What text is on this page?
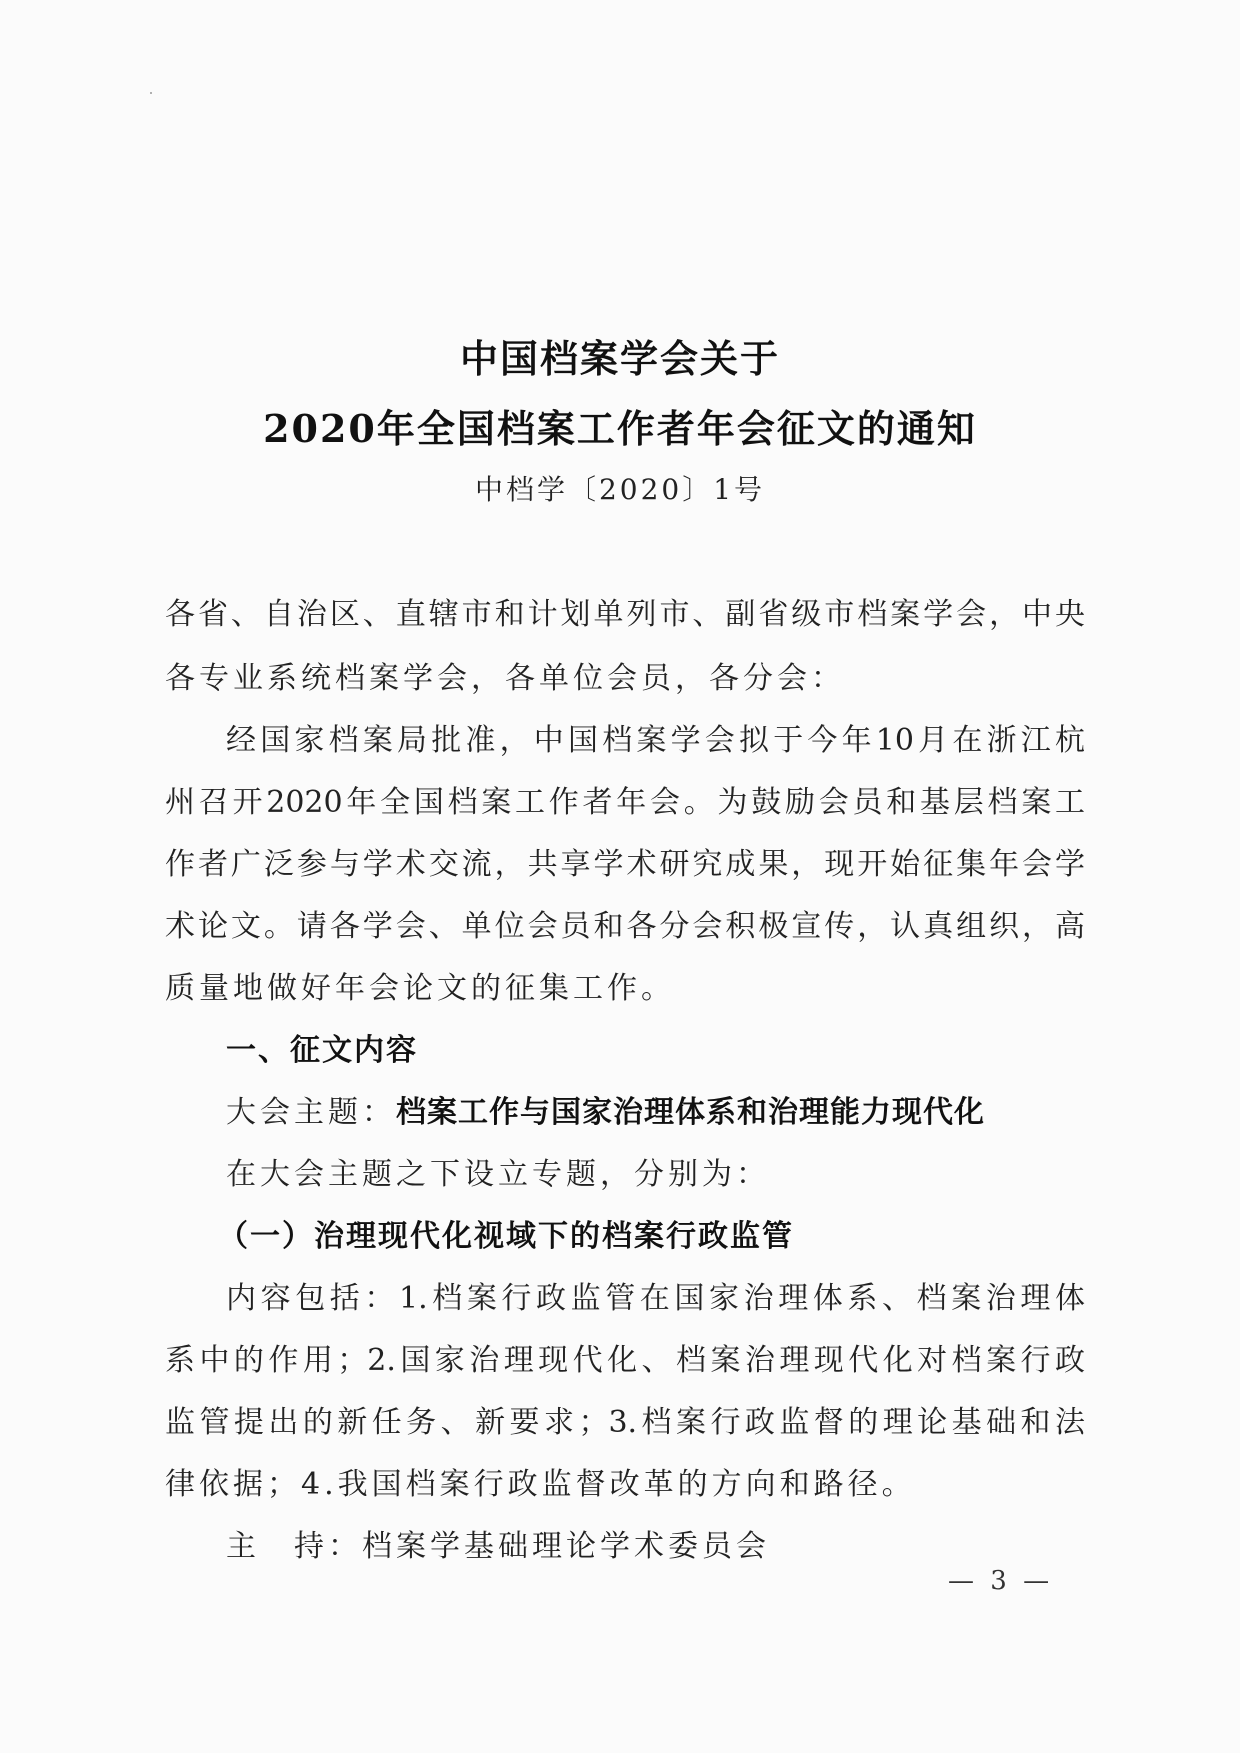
中国档案学会关于
2020年全国档案工作者年会征文的通知
中档学〔2020〕1号
各省、自治区、直辖市和计划单列市、副省级市档案学会，中央
各专业系统档案学会，各单位会员，各分会：
经国家档案局批准，中国档案学会拟于今年10月在浙江杭
州召开2020年全国档案工作者年会。为鼓励会员和基层档案工
作者广泛参与学术交流，共享学术研究成果，现开始征集年会学
术论文。请各学会、单位会员和各分会积极宣传，认真组织，高
质量地做好年会论文的征集工作。
一、征文内容
大会主题：档案工作与国家治理体系和治理能力现代化
在大会主题之下设立专题，分别为：
（一）治理现代化视域下的档案行政监管
内容包括：1.档案行政监管在国家治理体系、档案治理体
系中的作用；2.国家治理现代化、档案治理现代化对档案行政
监管提出的新任务、新要求；3.档案行政监督的理论基础和法
律依据；4.我国档案行政监督改革的方向和路径。
主　持：档案学基础理论学术委员会
— 3 —
